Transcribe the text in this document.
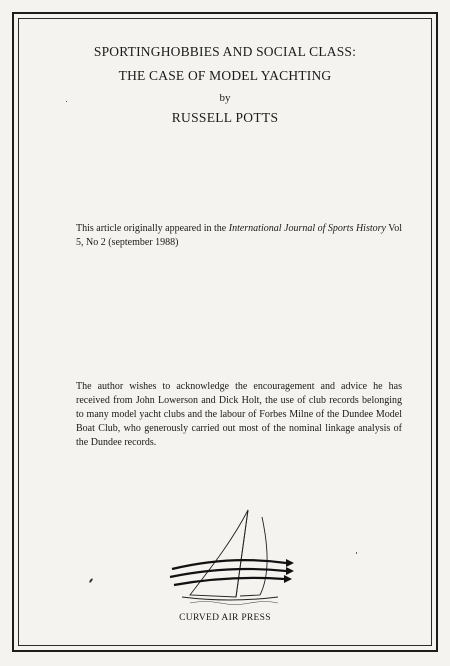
SPORTINGHOBBIES AND SOCIAL CLASS:
THE CASE OF MODEL YACHTING
by
RUSSELL POTTS
This article originally appeared in the International Journal of Sports History Vol 5, No 2 (september 1988)
The author wishes to acknowledge the encouragement and advice he has received from John Lowerson and Dick Holt, the use of club records belonging to many model yacht clubs and the labour of Forbes Milne of the Dundee Model Boat Club, who generously carried out most of the nominal linkage analysis of the Dundee records.
CURVED AIR PRESS
